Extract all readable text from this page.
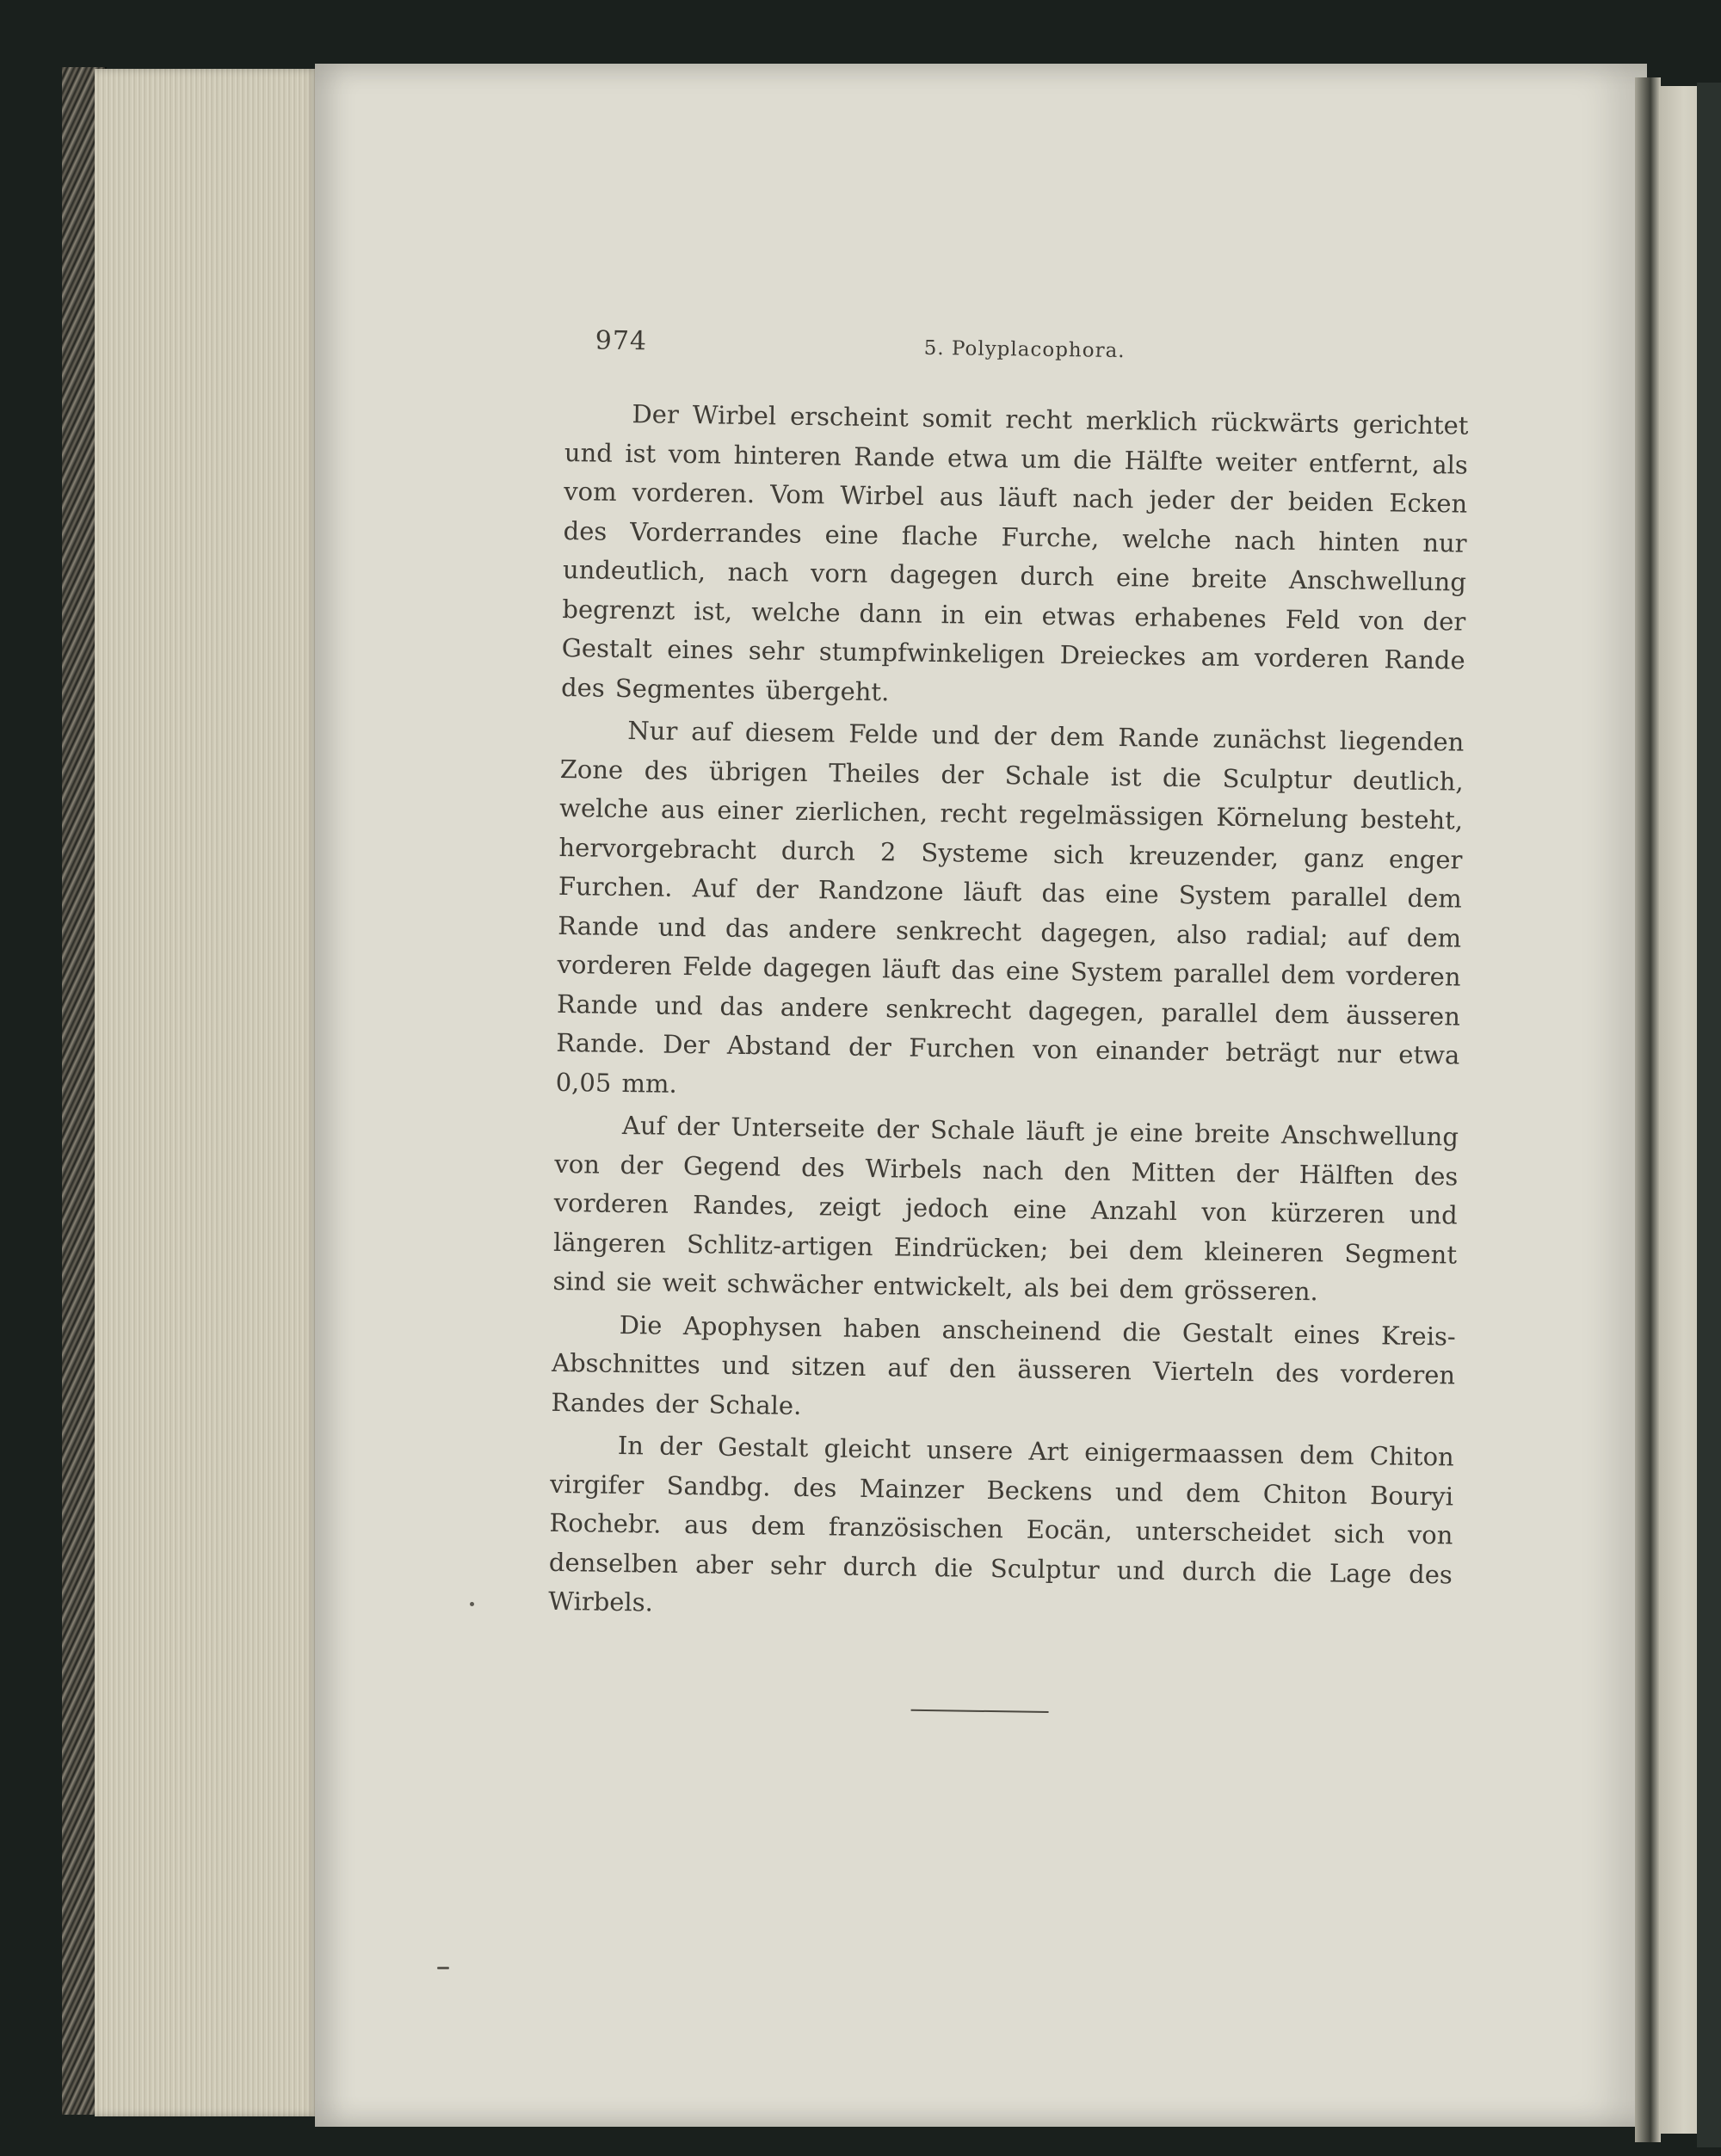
974	5. Polyplacophora.

Der Wirbel erscheint somit recht merklich rückwärts gerichtet und ist vom hinteren Rande etwa um die Hälfte weiter entfernt, als vom vorderen. Vom Wirbel aus läuft nach jeder der beiden Ecken des Vorderrandes eine flache Furche, welche nach hinten nur undeutlich, nach vorn dagegen durch eine breite Anschwellung begrenzt ist, welche dann in ein etwas erhabenes Feld von der Gestalt eines sehr stumpfwinkeligen Dreieckes am vorderen Rande des Segmentes übergeht.

Nur auf diesem Felde und der dem Rande zunächst liegenden Zone des übrigen Theiles der Schale ist die Sculptur deutlich, welche aus einer zierlichen, recht regelmässigen Körnelung besteht, hervorgebracht durch 2 Systeme sich kreuzender, ganz enger Furchen. Auf der Randzone läuft das eine System parallel dem Rande und das andere senkrecht dagegen, also radial; auf dem vorderen Felde dagegen läuft das eine System parallel dem vorderen Rande und das andere senkrecht dagegen, parallel dem äusseren Rande. Der Abstand der Furchen von einander beträgt nur etwa 0,05 mm.

Auf der Unterseite der Schale läuft je eine breite Anschwellung von der Gegend des Wirbels nach den Mitten der Hälften des vorderen Randes, zeigt jedoch eine Anzahl von kürzeren und längeren Schlitz-artigen Eindrücken; bei dem kleineren Segment sind sie weit schwächer entwickelt, als bei dem grösseren.

Die Apophysen haben anscheinend die Gestalt eines Kreis-Abschnittes und sitzen auf den äusseren Vierteln des vorderen Randes der Schale.

In der Gestalt gleicht unsere Art einigermaassen dem Chiton virgifer Sandbg. des Mainzer Beckens und dem Chiton Bouryi Rochebr. aus dem französischen Eocän, unterscheidet sich von denselben aber sehr durch die Sculptur und durch die Lage des Wirbels.
